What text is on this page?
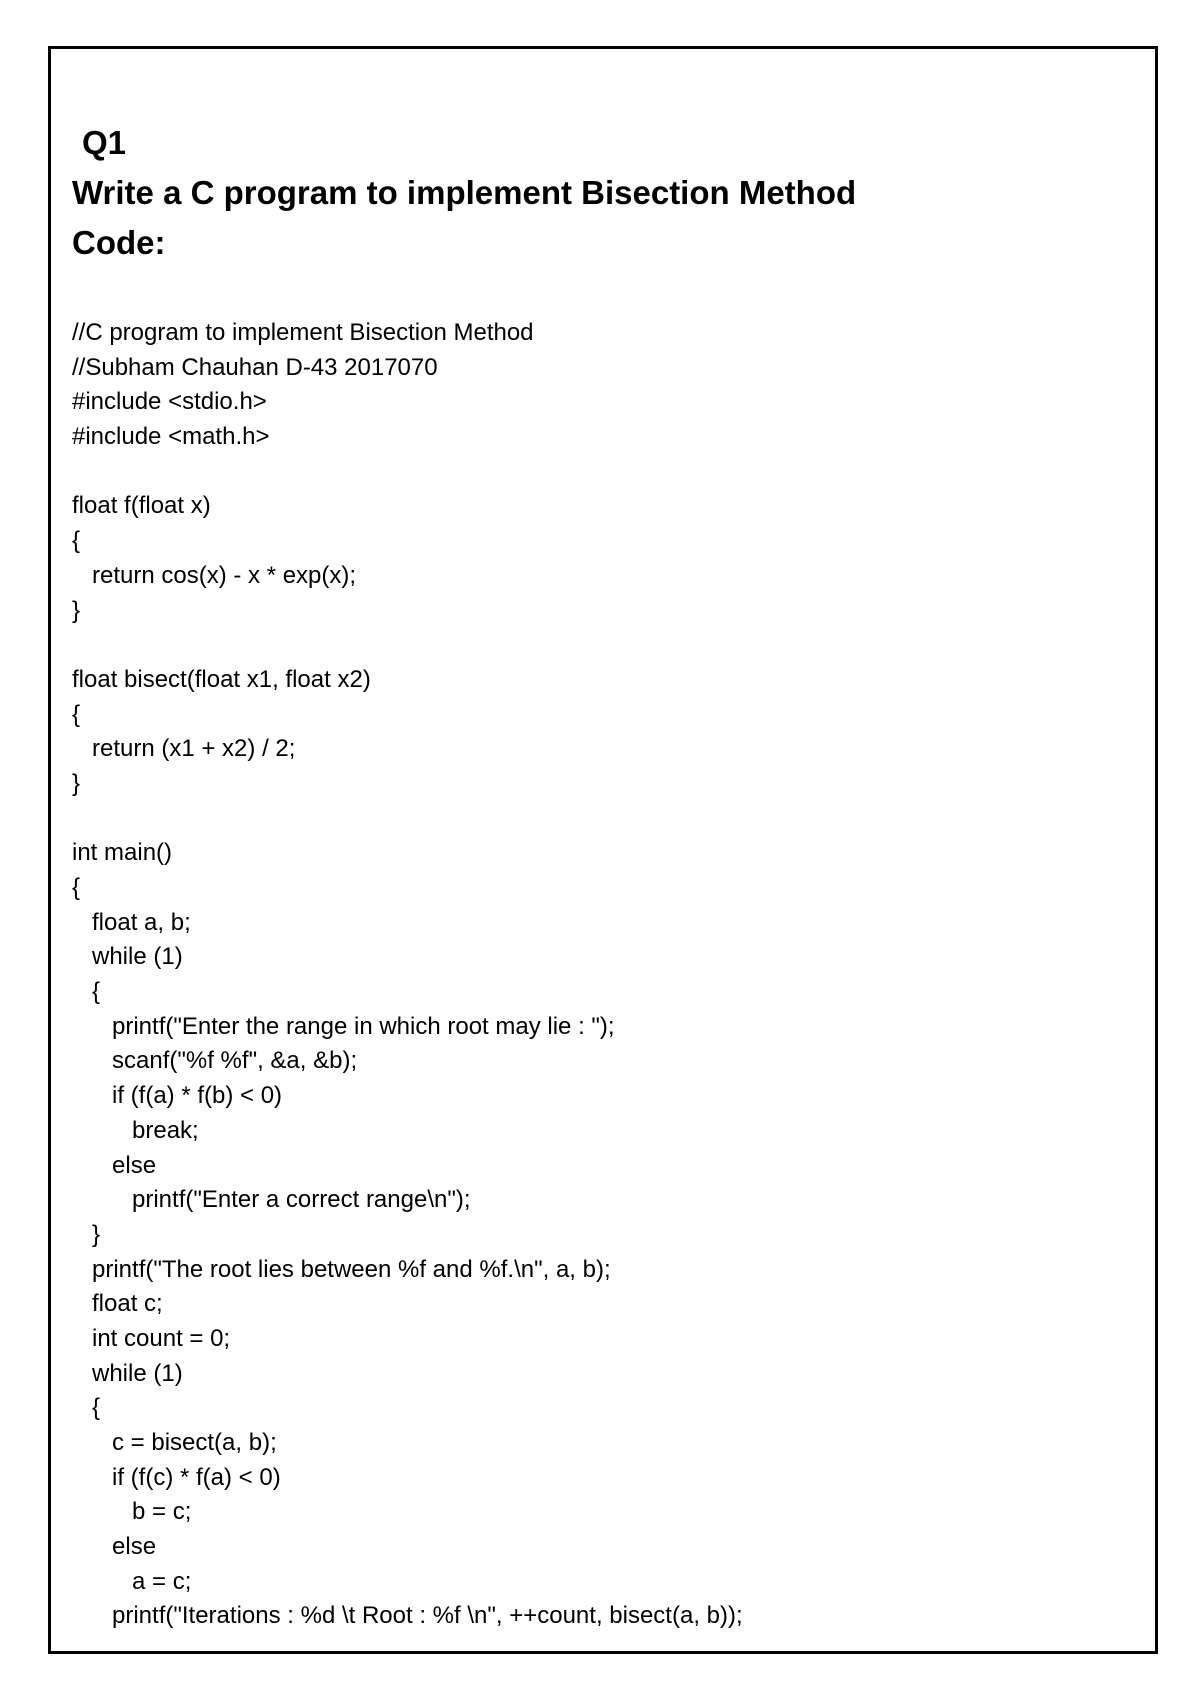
Q1
Write a C program to implement Bisection Method
Code:
//C program to implement Bisection Method
//Subham Chauhan D-43 2017070
#include <stdio.h>
#include <math.h>
float f(float x)
{
return cos(x) - x * exp(x);
}
float bisect(float x1, float x2)
{
return (x1 + x2) / 2;
}
int main()
{
float a, b;
while (1)
{
printf("Enter the range in which root may lie : ");
scanf("%f %f", &a, &b);
if (f(a) * f(b) < 0)
break;
else
printf("Enter a correct range\n");
}
printf("The root lies between %f and %f.\n", a, b);
float c;
int count = 0;
while (1)
{
c = bisect(a, b);
if (f(c) * f(a) < 0)
b = c;
else
a = c;
printf("Iterations : %d \t Root : %f \n", ++count, bisect(a, b));
